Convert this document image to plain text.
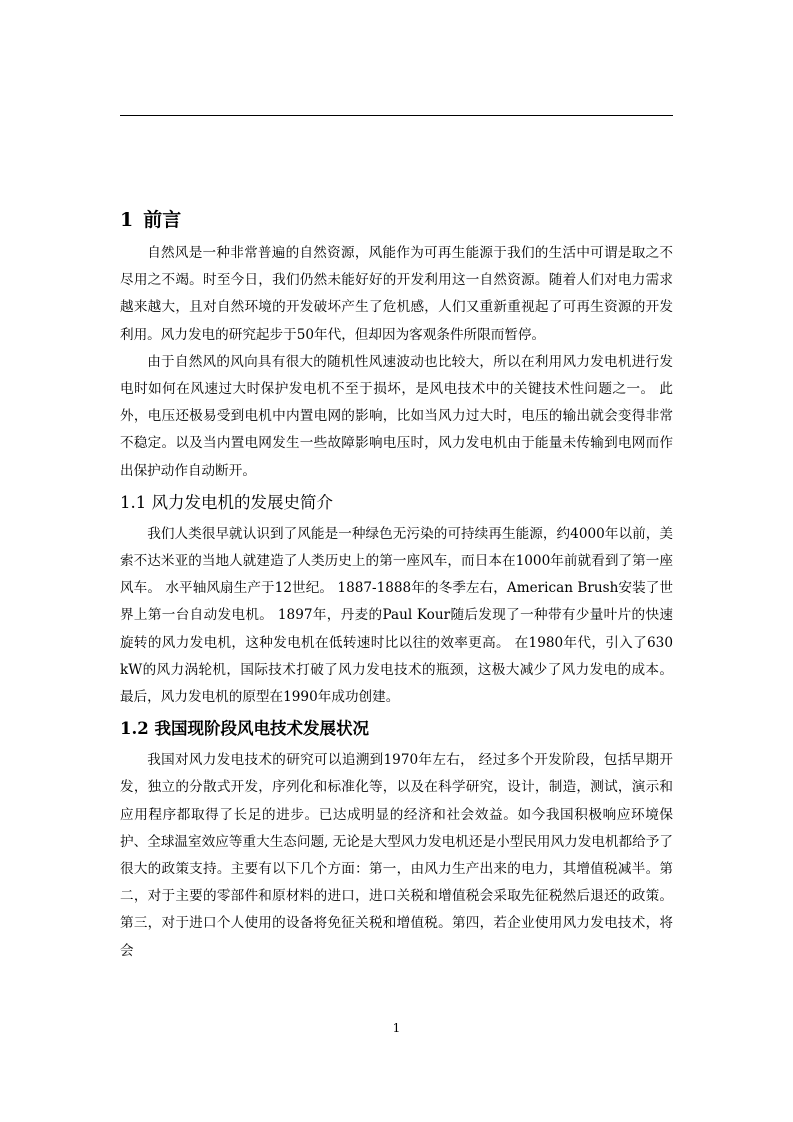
1 前言

自然风是一种非常普遍的自然资源，风能作为可再生能源于我们的生活中可谓是取之不尽用之不竭。时至今日，我们仍然未能好好的开发利用这一自然资源。随着人们对电力需求越来越大，且对自然环境的开发破坏产生了危机感，人们又重新重视起了可再生资源的开发利用。风力发电的研究起步于50年代，但却因为客观条件所限而暂停。

由于自然风的风向具有很大的随机性风速波动也比较大，所以在利用风力发电机进行发电时如何在风速过大时保护发电机不至于损坏，是风电技术中的关键技术性问题之一。 此外，电压还极易受到电机中内置电网的影响，比如当风力过大时，电压的输出就会变得非常不稳定。以及当内置电网发生一些故障影响电压时，风力发电机由于能量未传输到电网而作出保护动作自动断开。

1.1 风力发电机的发展史简介

我们人类很早就认识到了风能是一种绿色无污染的可持续再生能源，约4000年以前，美索不达米亚的当地人就建造了人类历史上的第一座风车，而日本在1000年前就看到了第一座风车。 水平轴风扇生产于12世纪。 1887-1888年的冬季左右，American Brush安装了世界上第一台自动发电机。 1897年，丹麦的Paul Kour随后发现了一种带有少量叶片的快速旋转的风力发电机，这种发电机在低转速时比以往的效率更高。 在1980年代，引入了630 kW的风力涡轮机，国际技术打破了风力发电技术的瓶颈，这极大减少了风力发电的成本。 最后，风力发电机的原型在1990年成功创建。

1.2 我国现阶段风电技术发展状况

我国对风力发电技术的研究可以追溯到1970年左右， 经过多个开发阶段，包括早期开发，独立的分散式开发，序列化和标准化等，以及在科学研究，设计，制造，测试，演示和应用程序都取得了长足的进步。已达成明显的经济和社会效益。如今我国积极响应环境保护、全球温室效应等重大生态问题, 无论是大型风力发电机还是小型民用风力发电机都给予了很大的政策支持。主要有以下几个方面：第一，由风力生产出来的电力，其增值税减半。第二，对于主要的零部件和原材料的进口，进口关税和增值税会采取先征税然后退还的政策。第三，对于进口个人使用的设备将免征关税和增值税。第四，若企业使用风力发电技术，将会

1
